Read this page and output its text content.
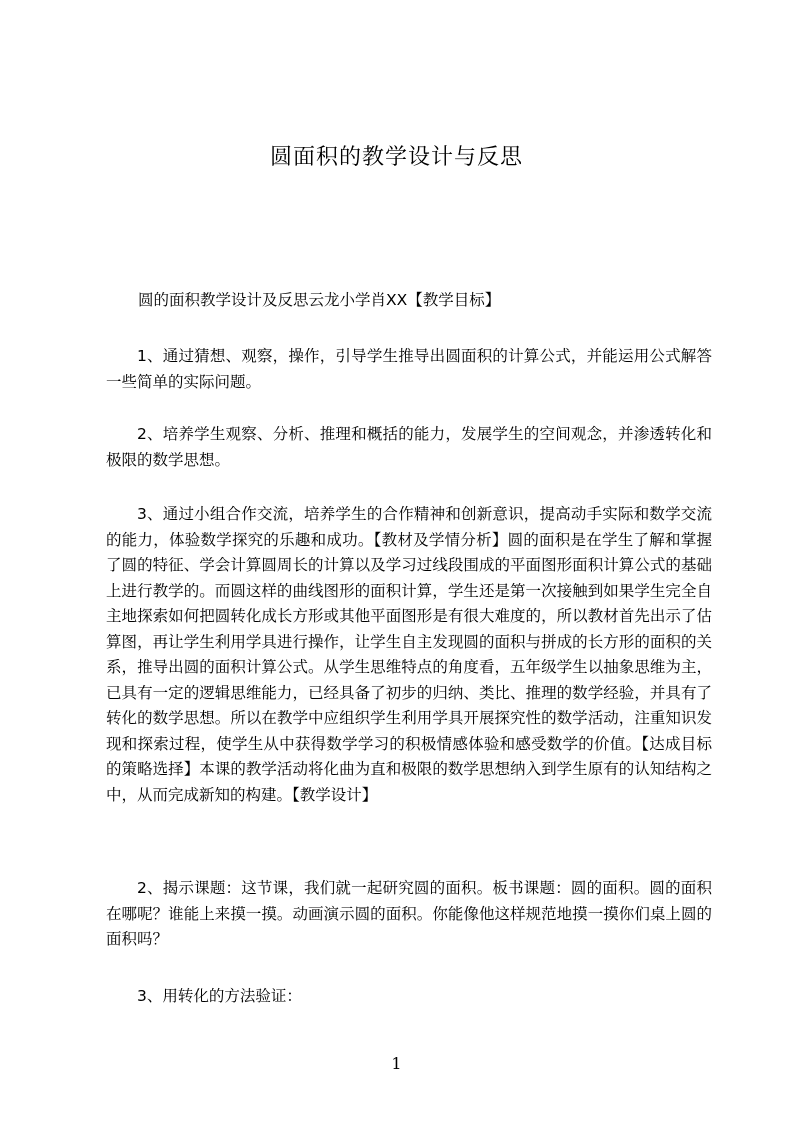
圆面积的教学设计与反思

圆的面积教学设计及反思云龙小学肖XX【教学目标】

1、通过猜想、观察，操作，引导学生推导出圆面积的计算公式，并能运用公式解答一些简单的实际问题。

2、培养学生观察、分析、推理和概括的能力，发展学生的空间观念，并渗透转化和极限的数学思想。

3、通过小组合作交流，培养学生的合作精神和创新意识，提高动手实际和数学交流的能力，体验数学探究的乐趣和成功。【教材及学情分析】圆的面积是在学生了解和掌握了圆的特征、学会计算圆周长的计算以及学习过线段围成的平面图形面积计算公式的基础上进行教学的。而圆这样的曲线图形的面积计算，学生还是第一次接触到如果学生完全自主地探索如何把圆转化成长方形或其他平面图形是有很大难度的，所以教材首先出示了估算图，再让学生利用学具进行操作，让学生自主发现圆的面积与拼成的长方形的面积的关系，推导出圆的面积计算公式。从学生思维特点的角度看，五年级学生以抽象思维为主，已具有一定的逻辑思维能力，已经具备了初步的归纳、类比、推理的数学经验，并具有了转化的数学思想。所以在教学中应组织学生利用学具开展探究性的数学活动，注重知识发现和探索过程，使学生从中获得数学学习的积极情感体验和感受数学的价值。【达成目标的策略选择】本课的教学活动将化曲为直和极限的数学思想纳入到学生原有的认知结构之中，从而完成新知的构建。【教学设计】

2、揭示课题：这节课，我们就一起研究圆的面积。板书课题：圆的面积。圆的面积在哪呢？谁能上来摸一摸。动画演示圆的面积。你能像他这样规范地摸一摸你们桌上圆的面积吗？

3、用转化的方法验证：

1
